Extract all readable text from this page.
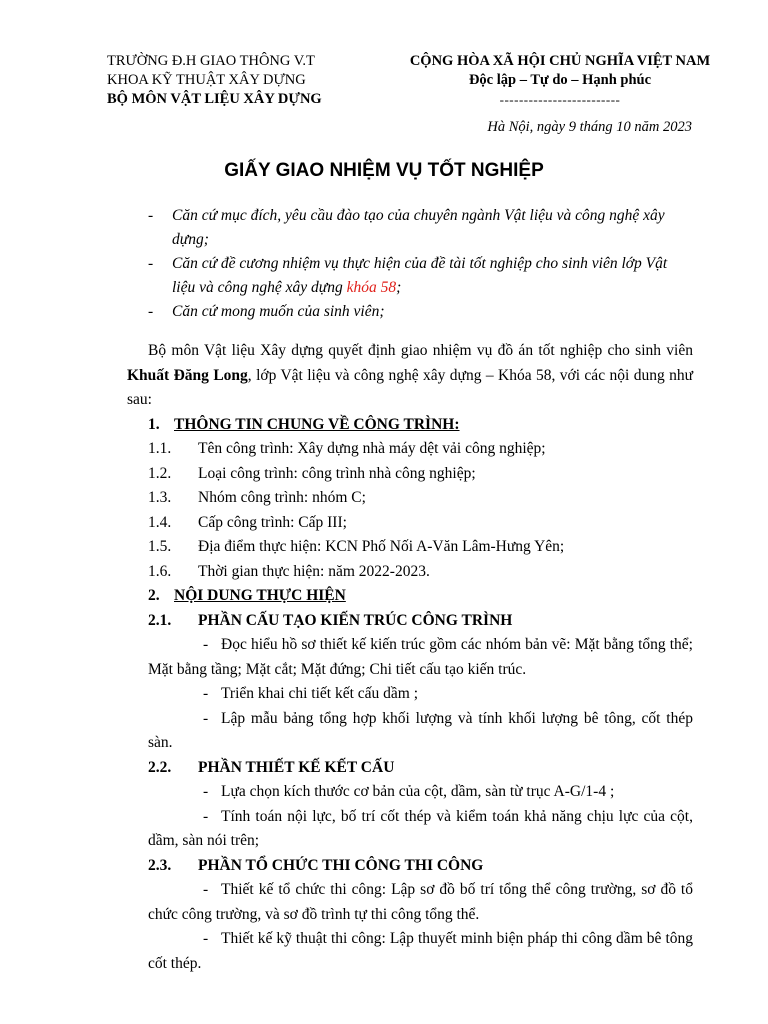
TRƯỜNG Đ.H GIAO THÔNG V.T
KHOA KỸ THUẬT XÂY DỰNG
BỘ MÔN VẬT LIỆU XÂY DỰNG
CỘNG HÒA XÃ HỘI CHỦ NGHĨA VIỆT NAM
Độc lập – Tự do – Hạnh phúc
-------------------------
Hà Nội, ngày 9 tháng 10 năm 2023
GIẤY GIAO NHIỆM VỤ TỐT NGHIỆP
-	Căn cứ mục đích, yêu cầu đào tạo của chuyên ngành Vật liệu và công nghệ xây dựng;
-	Căn cứ đề cương nhiệm vụ thực hiện của đề tài tốt nghiệp cho sinh viên lớp Vật liệu và công nghệ xây dựng khóa 58;
-	Căn cứ mong muốn của sinh viên;
Bộ môn Vật liệu Xây dựng quyết định giao nhiệm vụ đồ án tốt nghiệp cho sinh viên Khuất Đăng Long, lớp Vật liệu và công nghệ xây dựng – Khóa 58, với các nội dung như sau:
1. THÔNG TIN CHUNG VỀ CÔNG TRÌNH:
1.1.	Tên công trình: Xây dựng nhà máy dệt vải công nghiệp;
1.2.	Loại công trình: công trình nhà công nghiệp;
1.3.	Nhóm công trình: nhóm C;
1.4.	Cấp công trình: Cấp III;
1.5.	Địa điểm thực hiện: KCN Phố Nối A-Văn Lâm-Hưng Yên;
1.6.	Thời gian thực hiện: năm 2022-2023.
2. NỘI DUNG THỰC HIỆN
2.1.	PHẦN CẤU TẠO KIẾN TRÚC CÔNG TRÌNH
- Đọc hiểu hồ sơ thiết kế kiến trúc gồm các nhóm bản vẽ: Mặt bằng tổng thể; Mặt bằng tầng; Mặt cắt; Mặt đứng; Chi tiết cấu tạo kiến trúc.
- Triển khai chi tiết kết cấu dầm ;
- Lập mẫu bảng tổng hợp khối lượng và tính khối lượng bê tông, cốt thép sàn.
2.2.	PHẦN THIẾT KẾ KẾT CẤU
- Lựa chọn kích thước cơ bản của cột, dầm, sàn từ trục A-G/1-4 ;
- Tính toán nội lực, bố trí cốt thép và kiểm toán khả năng chịu lực của cột, dầm, sàn nói trên;
2.3.	PHẦN TỔ CHỨC THI CÔNG THI CÔNG
- Thiết kế tổ chức thi công: Lập sơ đồ bố trí tổng thể công trường, sơ đồ tổ chức công trường, và sơ đồ trình tự thi công tổng thể.
- Thiết kế kỹ thuật thi công: Lập thuyết minh biện pháp thi công dầm bê tông cốt thép.
